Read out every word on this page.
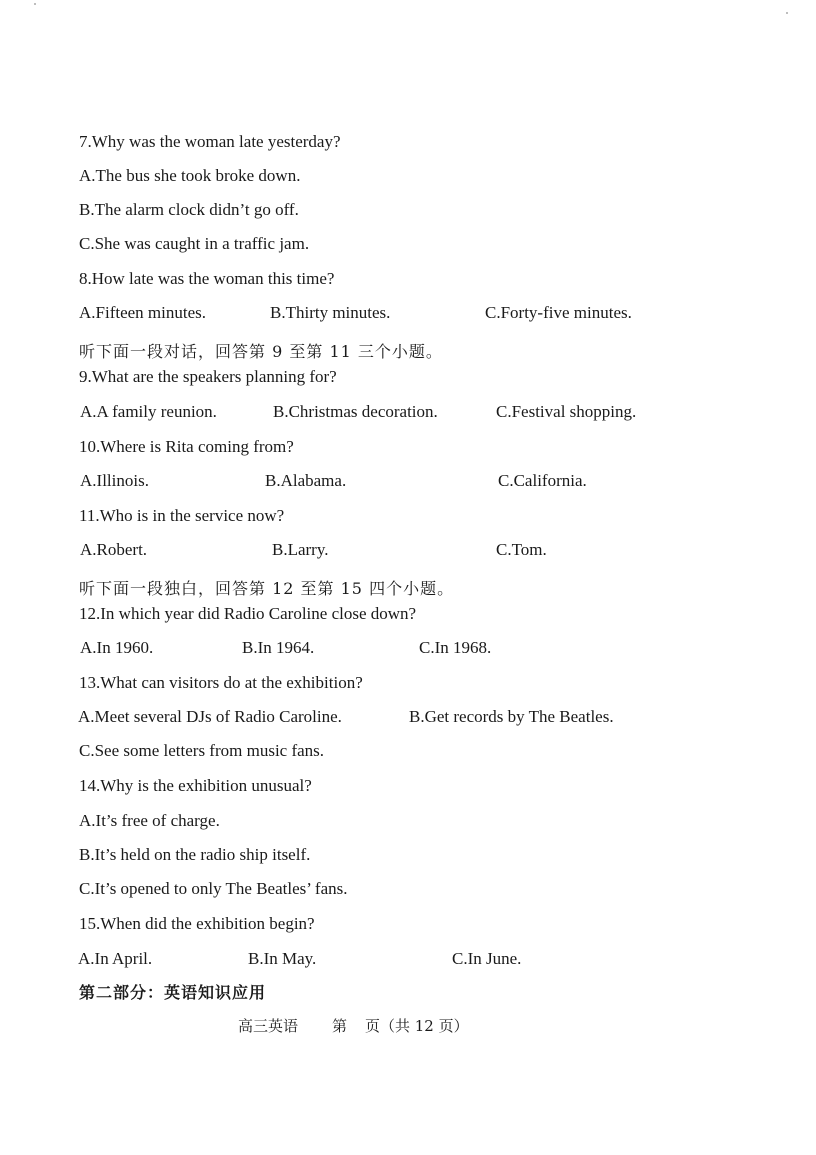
7.Why was the woman late yesterday?
A.The bus she took broke down.
B.The alarm clock didn’t go off.
C.She was caught in a traffic jam.
8.How late was the woman this time?
A.Fifteen minutes.	B.Thirty minutes.	C.Forty-five minutes.
听下面一段对话，回答第 9 至第 11 三个小题。
9.What are the speakers planning for?
A.A family reunion.	B.Christmas decoration.	C.Festival shopping.
10.Where is Rita coming from?
A.Illinois.	B.Alabama.	C.California.
11.Who is in the service now?
A.Robert.	B.Larry.	C.Tom.
听下面一段独白，回答第 12 至第 15 四个小题。
12.In which year did Radio Caroline close down?
A.In 1960.	B.In 1964.	C.In 1968.
13.What can visitors do at the exhibition?
A.Meet several DJs of Radio Caroline.	B.Get records by The Beatles.
C.See some letters from music fans.
14.Why is the exhibition unusual?
A.It’s free of charge.
B.It’s held on the radio ship itself.
C.It’s opened to only The Beatles’ fans.
15.When did the exhibition begin?
A.In April.	B.In May.	C.In June.
第二部分：英语知识应用
高三英语 第 页（共 12 页）
